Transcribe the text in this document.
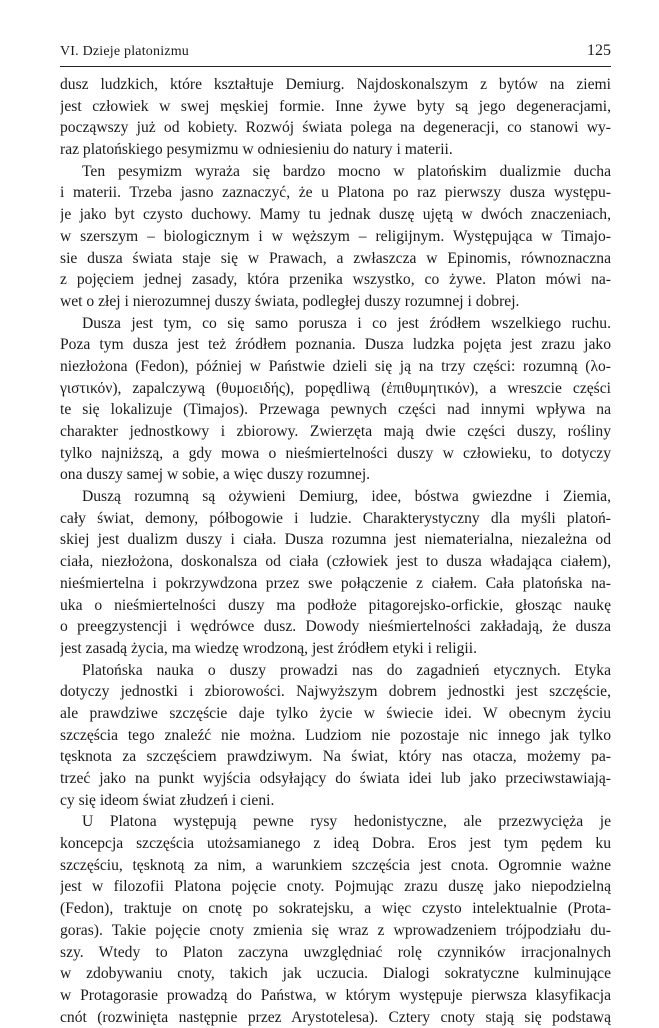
VI. Dzieje platonizmu	125
dusz ludzkich, które kształtuje Demiurg. Najdoskonalszym z bytów na ziemi
jest człowiek w swej męskiej formie. Inne żywe byty są jego degeneracjami,
począwszy już od kobiety. Rozwój świata polega na degeneracji, co stanowi wy-
raz platońskiego pesymizmu w odniesieniu do natury i materii.
Ten pesymizm wyraża się bardzo mocno w platońskim dualizmie ducha
i materii. Trzeba jasno zaznaczyć, że u Platona po raz pierwszy dusza występu-
je jako byt czysto duchowy. Mamy tu jednak duszę ujętą w dwóch znaczeniach,
w szerszym – biologicznym i w węższym – religijnym. Występująca w Timajo-
sie dusza świata staje się w Prawach, a zwłaszcza w Epinomis, równoznaczna
z pojęciem jednej zasady, która przenika wszystko, co żywe. Platon mówi na-
wet o złej i nierozumnej duszy świata, podległej duszy rozumnej i dobrej.
Dusza jest tym, co się samo porusza i co jest źródłem wszelkiego ruchu.
Poza tym dusza jest też źródłem poznania. Dusza ludzka pojęta jest zrazu jako
niezłożona (Fedon), później w Państwie dzieli się ją na trzy części: rozumną (λο-
γιστικόν), zapalczywą (θυμοειδής), popędliwą (ἐπιθυμητικόν), a wreszcie części
te się lokalizuje (Timajos). Przewaga pewnych części nad innymi wpływa na
charakter jednostkowy i zbiorowy. Zwierzęta mają dwie części duszy, rośliny
tylko najniższą, a gdy mowa o nieśmiertelności duszy w człowieku, to dotyczy
ona duszy samej w sobie, a więc duszy rozumnej.
Duszą rozumną są ożywieni Demiurg, idee, bóstwa gwiezdne i Ziemia,
cały świat, demony, półbogowie i ludzie. Charakterystyczny dla myśli platoń-
skiej jest dualizm duszy i ciała. Dusza rozumna jest niematerialna, niezależna od
ciała, niezłożona, doskonalsza od ciała (człowiek jest to dusza władająca ciałem),
nieśmiertelna i pokrzywdzona przez swe połączenie z ciałem. Cała platońska na-
uka o nieśmiertelności duszy ma podłoże pitagorejsko-orfickie, głosząc naukę
o preegzystencji i wędrówce dusz. Dowody nieśmiertelności zakładają, że dusza
jest zasadą życia, ma wiedzę wrodzoną, jest źródłem etyki i religii.
Platońska nauka o duszy prowadzi nas do zagadnień etycznych. Etyka
dotyczy jednostki i zbiorowości. Najwyższym dobrem jednostki jest szczęście,
ale prawdziwe szczęście daje tylko życie w świecie idei. W obecnym życiu
szczęścia tego znaleźć nie można. Ludziom nie pozostaje nic innego jak tylko
tęsknota za szczęściem prawdziwym. Na świat, który nas otacza, możemy pa-
trzeć jako na punkt wyjścia odsyłający do świata idei lub jako przeciwstawiają-
cy się ideom świat złudzeń i cieni.
U Platona występują pewne rysy hedonistyczne, ale przezwycięża je
koncepcja szczęścia utożsamianego z ideą Dobra. Eros jest tym pędem ku
szczęściu, tęsknotą za nim, a warunkiem szczęścia jest cnota. Ogromnie ważne
jest w filozofii Platona pojęcie cnoty. Pojmując zrazu duszę jako niepodzielną
(Fedon), traktuje on cnotę po sokratejsku, a więc czysto intelektualnie (Prota-
goras). Takie pojęcie cnoty zmienia się wraz z wprowadzeniem trójpodziału du-
szy. Wtedy to Platon zaczyna uwzględniać rolę czynników irracjonalnych
w zdobywaniu cnoty, takich jak uczucia. Dialogi sokratyczne kulminujące
w Protagorasie prowadzą do Państwa, w którym występuje pierwsza klasyfikacja
cnót (rozwinięta następnie przez Arystotelesa). Cztery cnoty stają się podstawą
